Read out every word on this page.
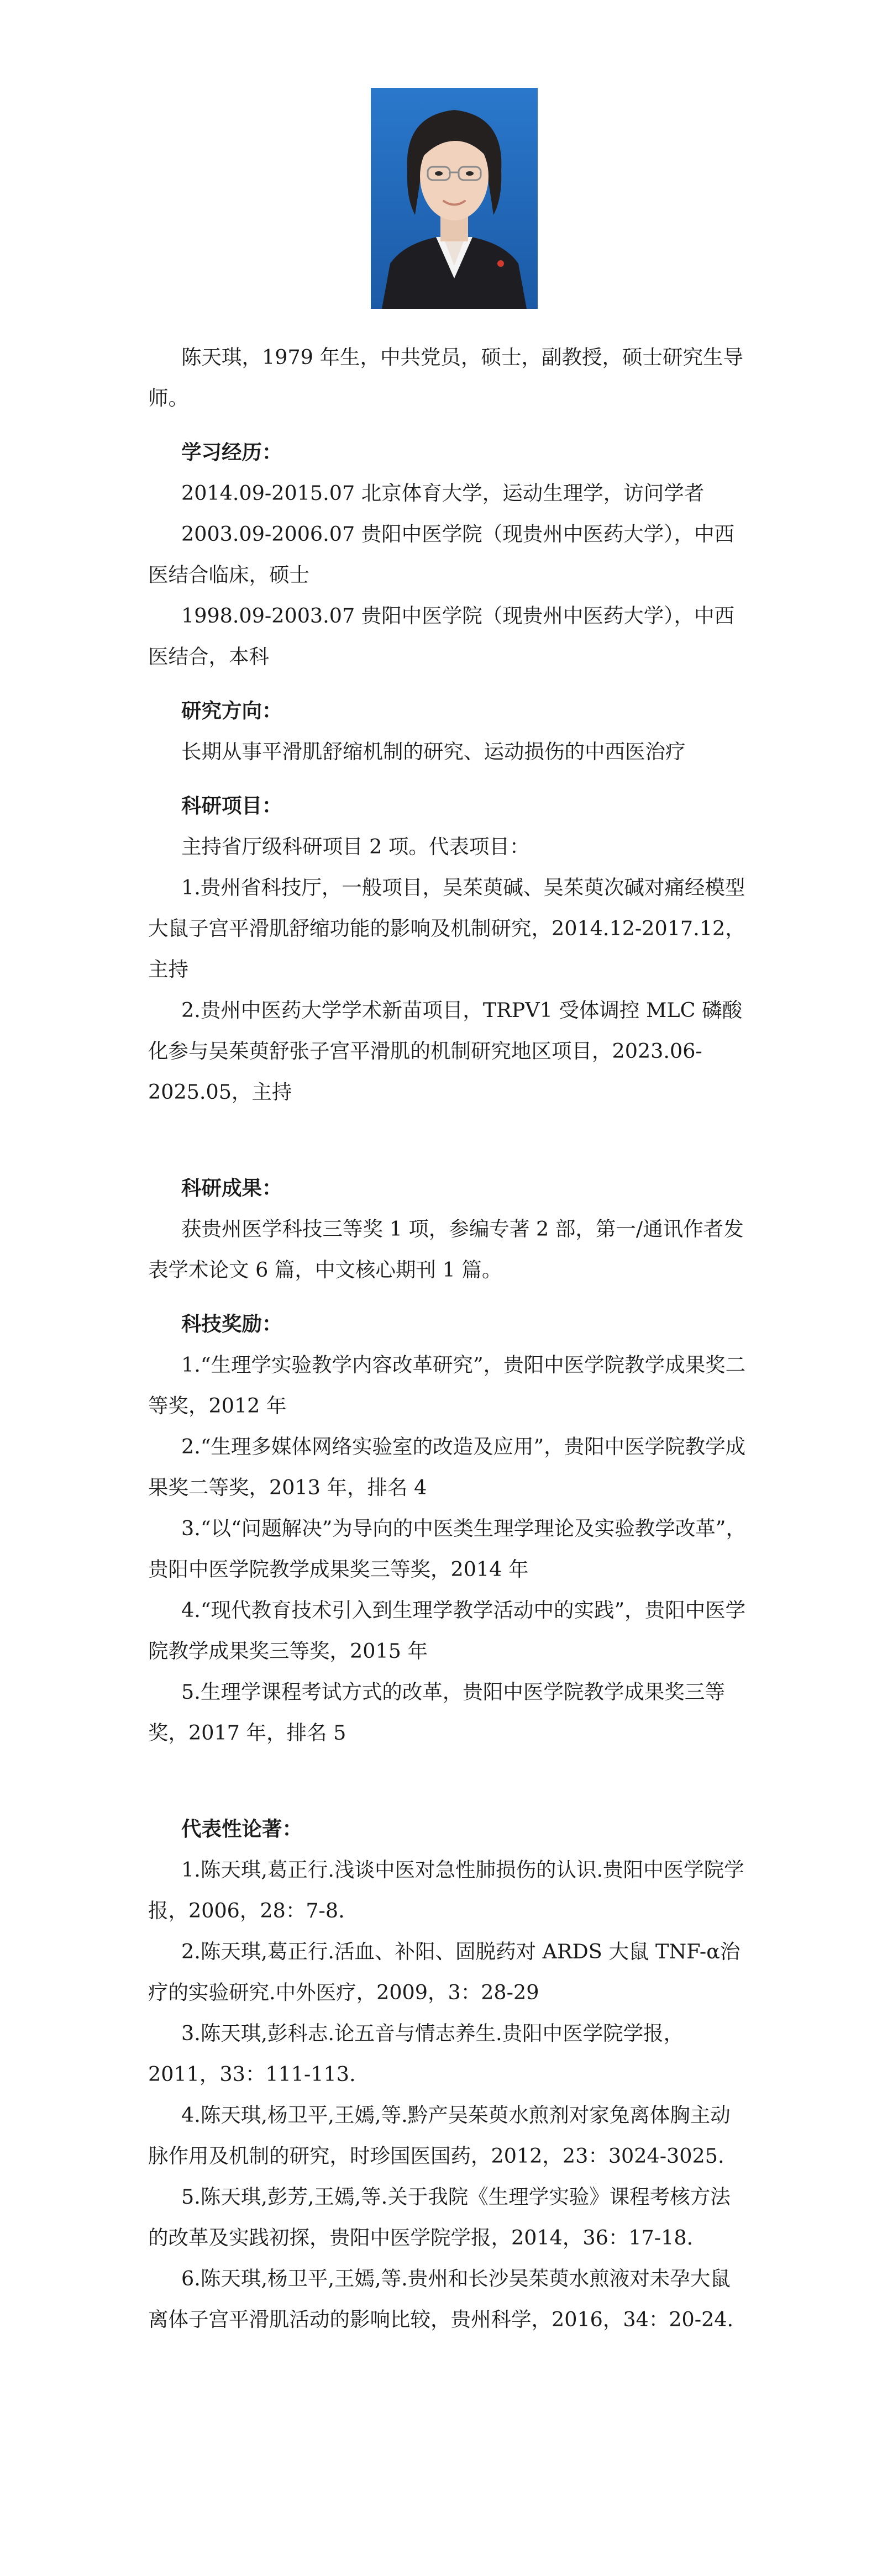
陈天琪，1979 年生，中共党员，硕士，副教授，硕士研究生导师。

学习经历：

2014.09-2015.07 北京体育大学，运动生理学，访问学者

2003.09-2006.07 贵阳中医学院（现贵州中医药大学），中西医结合临床，硕士

1998.09-2003.07 贵阳中医学院（现贵州中医药大学），中西医结合，本科

研究方向：

长期从事平滑肌舒缩机制的研究、运动损伤的中西医治疗

科研项目：

主持省厅级科研项目 2 项。代表项目：

1.贵州省科技厅，一般项目，吴茱萸碱、吴茱萸次碱对痛经模型大鼠子宫平滑肌舒缩功能的影响及机制研究，2014.12-2017.12，主持

2.贵州中医药大学学术新苗项目，TRPV1 受体调控 MLC 磷酸化参与吴茱萸舒张子宫平滑肌的机制研究地区项目，2023.06-2025.05，主持

科研成果：

获贵州医学科技三等奖 1 项，参编专著 2 部，第一/通讯作者发表学术论文 6 篇，中文核心期刊 1 篇。

科技奖励：

1.“生理学实验教学内容改革研究”，贵阳中医学院教学成果奖二等奖，2012 年

2.“生理多媒体网络实验室的改造及应用”，贵阳中医学院教学成果奖二等奖，2013 年，排名 4

3.“以“问题解决”为导向的中医类生理学理论及实验教学改革”，贵阳中医学院教学成果奖三等奖，2014 年

4.“现代教育技术引入到生理学教学活动中的实践”，贵阳中医学院教学成果奖三等奖，2015 年

5.生理学课程考试方式的改革，贵阳中医学院教学成果奖三等奖，2017 年，排名 5

代表性论著：

1.陈天琪,葛正行.浅谈中医对急性肺损伤的认识.贵阳中医学院学报，2006，28：7-8.

2.陈天琪,葛正行.活血、补阳、固脱药对 ARDS 大鼠 TNF-α治疗的实验研究.中外医疗，2009，3：28-29

3.陈天琪,彭科志.论五音与情志养生.贵阳中医学院学报，2011，33：111-113.

4.陈天琪,杨卫平,王嫣,等.黔产吴茱萸水煎剂对家兔离体胸主动脉作用及机制的研究，时珍国医国药，2012，23：3024-3025.

5.陈天琪,彭芳,王嫣,等.关于我院《生理学实验》课程考核方法的改革及实践初探，贵阳中医学院学报，2014，36：17-18.

6.陈天琪,杨卫平,王嫣,等.贵州和长沙吴茱萸水煎液对未孕大鼠离体子宫平滑肌活动的影响比较，贵州科学，2016，34：20-24.
